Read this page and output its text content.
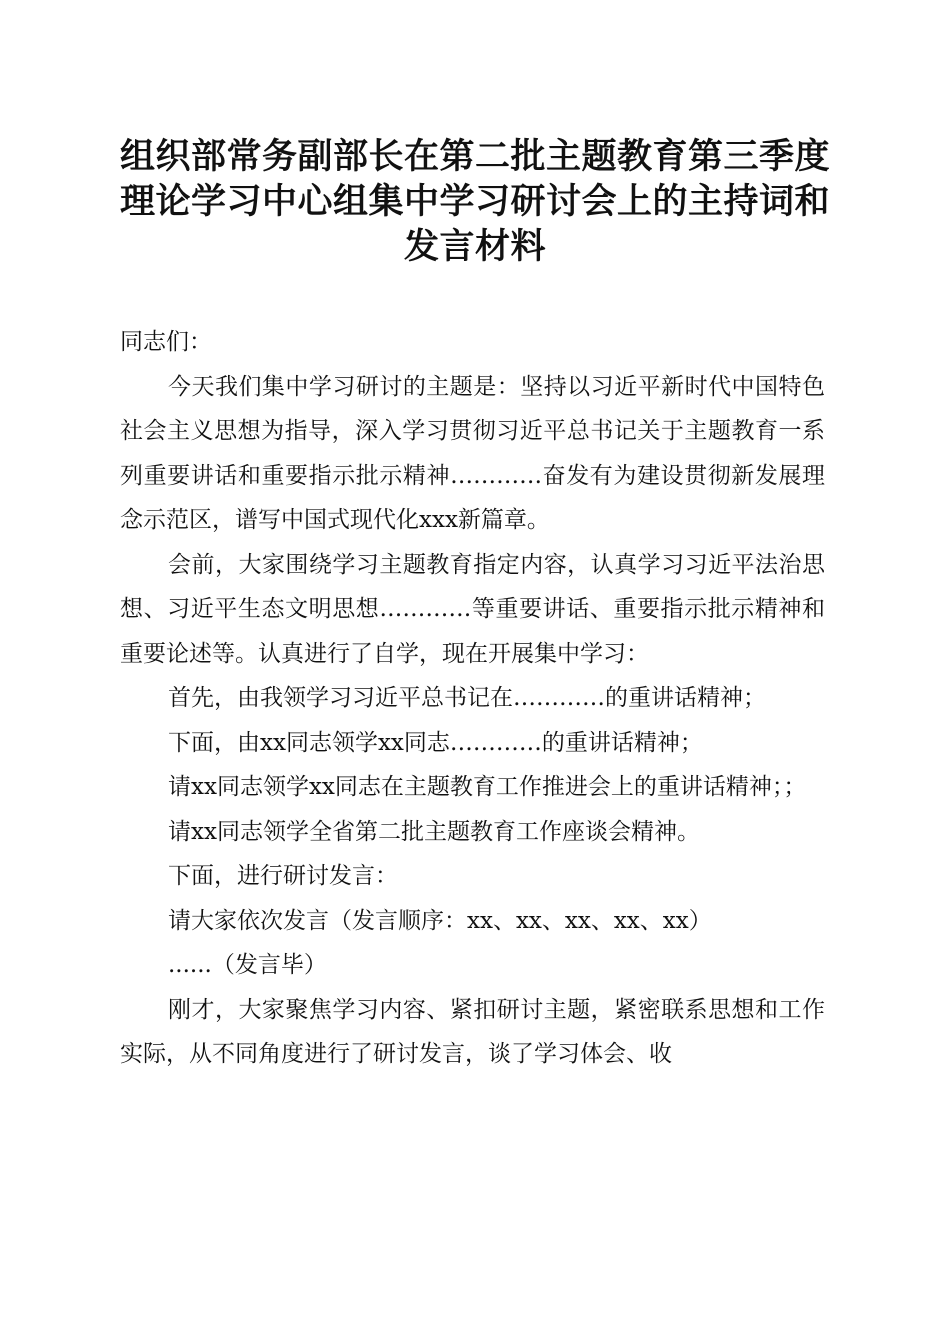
组织部常务副部长在第二批主题教育第三季度
理论学习中心组集中学习研讨会上的主持词和
发言材料

同志们：

今天我们集中学习研讨的主题是：坚持以习近平新时代中国特色社会主义思想为指导，深入学习贯彻习近平总书记关于主题教育一系列重要讲话和重要指示批示精神…………奋发有为建设贯彻新发展理念示范区，谱写中国式现代化xxx新篇章。

会前，大家围绕学习主题教育指定内容，认真学习习近平法治思想、习近平生态文明思想…………等重要讲话、重要指示批示精神和重要论述等。认真进行了自学，现在开展集中学习：

首先，由我领学习习近平总书记在…………的重讲话精神；

下面，由xx同志领学xx同志…………的重讲话精神；

请xx同志领学xx同志在主题教育工作推进会上的重讲话精神；；

请xx同志领学全省第二批主题教育工作座谈会精神。

下面，进行研讨发言：

请大家依次发言（发言顺序：xx、xx、xx、xx、xx）

......（发言毕）

刚才，大家聚焦学习内容、紧扣研讨主题，紧密联系思想和工作实际，从不同角度进行了研讨发言，谈了学习体会、收
